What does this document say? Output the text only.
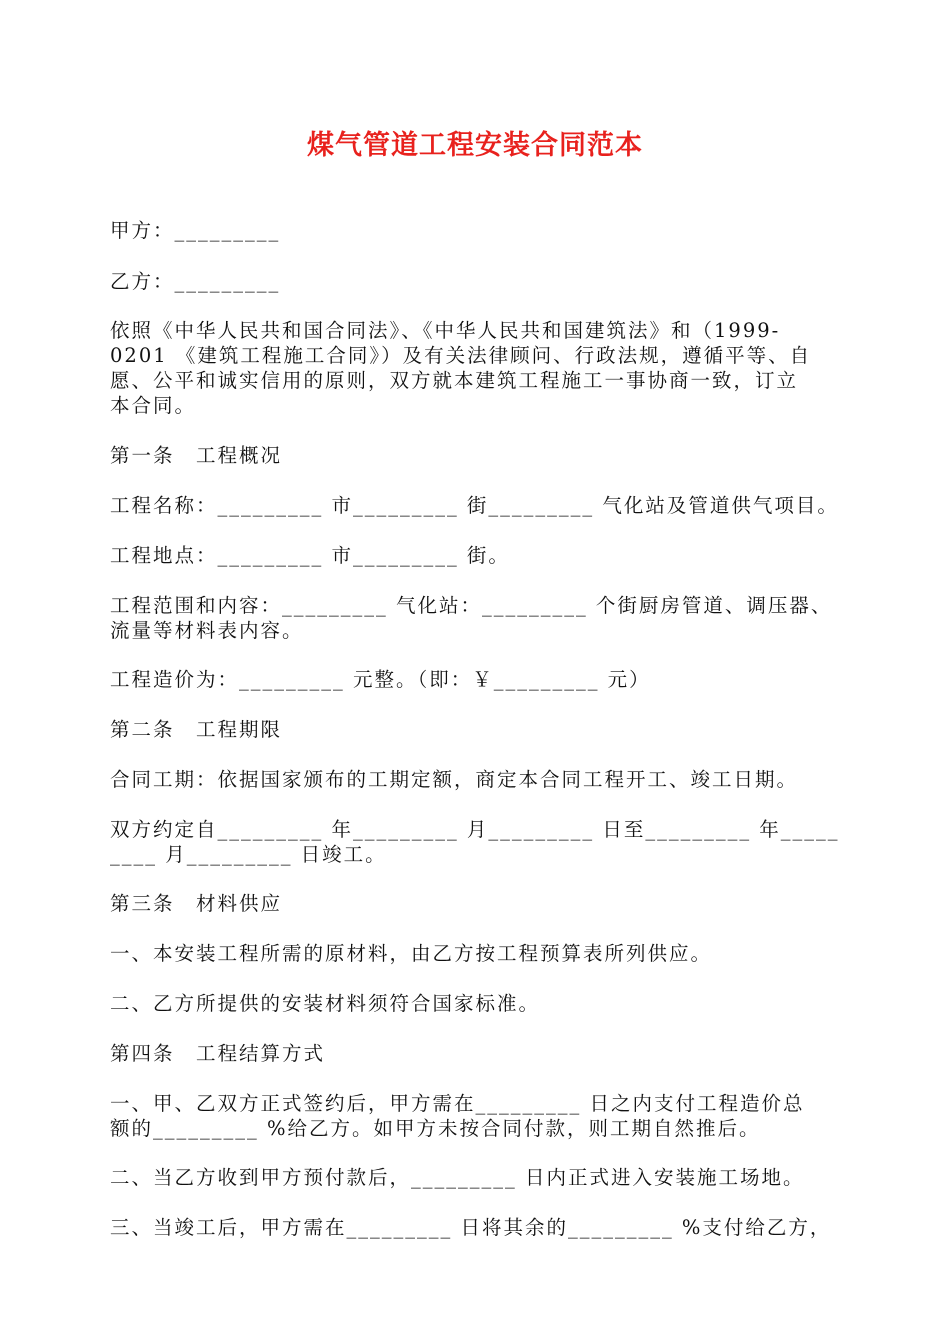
煤气管道工程安装合同范本
甲方：_________
乙方：_________
依照《中华人民共和国合同法》、《中华人民共和国建筑法》和（1999-
0201 《建筑工程施工合同》）及有关法律顾问、行政法规，遵循平等、自
愿、公平和诚实信用的原则，双方就本建筑工程施工一事协商一致，订立
本合同。
第一条　工程概况
工程名称：_________ 市_________ 街_________ 气化站及管道供气项目。
工程地点：_________ 市_________ 街。
工程范围和内容：_________ 气化站：_________ 个街厨房管道、调压器、
流量等材料表内容。
工程造价为：_________ 元整。（即：￥_________ 元）
第二条　工程期限
合同工期：依据国家颁布的工期定额，商定本合同工程开工、竣工日期。
双方约定自_________ 年_________ 月_________ 日至_________ 年_____
____ 月_________ 日竣工。
第三条　材料供应
一、本安装工程所需的原材料，由乙方按工程预算表所列供应。
二、乙方所提供的安装材料须符合国家标准。
第四条　工程结算方式
一、甲、乙双方正式签约后，甲方需在_________ 日之内支付工程造价总
额的_________ %给乙方。如甲方未按合同付款，则工期自然推后。
二、当乙方收到甲方预付款后，_________ 日内正式进入安装施工场地。
三、当竣工后，甲方需在_________ 日将其余的_________ %支付给乙方，
